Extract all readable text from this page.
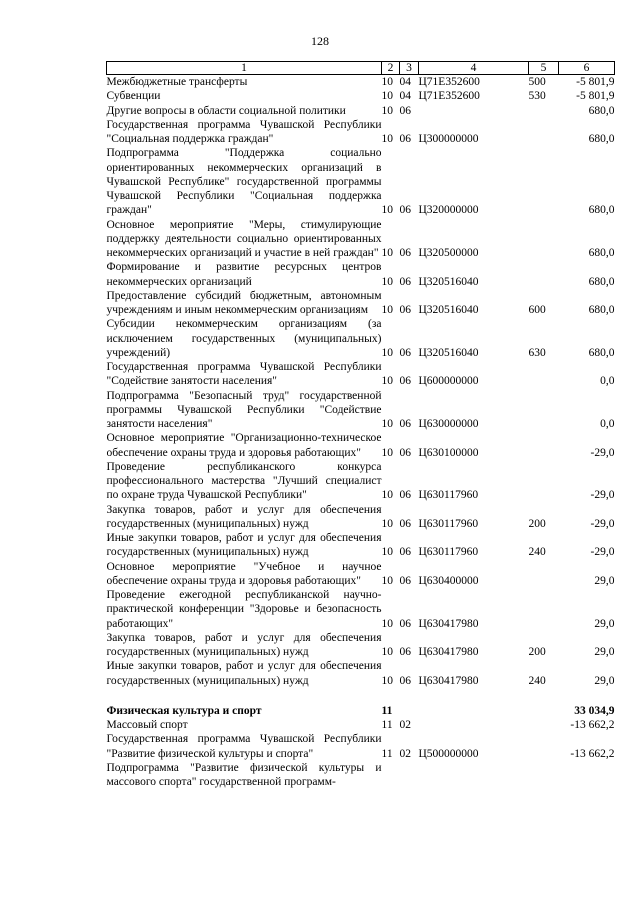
128
1	2	3	4	5	6
Межбюджетные трансферты	10	04	Ц71Е352600	500	-5 801,9
Субвенции	10	04	Ц71Е352600	530	-5 801,9
Другие вопросы в области социальной политики	10	06			680,0
Государственная программа Чувашской Республики "Социальная поддержка граждан"	10	06	Ц300000000		680,0
Подпрограмма "Поддержка социально ориентированных некоммерческих организаций в Чувашской Республике" государственной программы Чувашской Республики "Социальная поддержка граждан"	10	06	Ц320000000		680,0
Основное мероприятие "Меры, стимулирующие поддержку деятельности социально ориентированных некоммерческих организаций и участие в ней граждан"	10	06	Ц320500000		680,0
Формирование и развитие ресурсных центров некоммерческих организаций	10	06	Ц320516040		680,0
Предоставление субсидий бюджетным, автономным учреждениям и иным некоммерческим организациям	10	06	Ц320516040	600	680,0
Субсидии некоммерческим организациям (за исключением государственных (муниципальных) учреждений)	10	06	Ц320516040	630	680,0
Государственная программа Чувашской Республики "Содействие занятости населения"	10	06	Ц600000000		0,0
Подпрограмма "Безопасный труд" государственной программы Чувашской Республики "Содействие занятости населения"	10	06	Ц630000000		0,0
Основное мероприятие "Организационно-техническое обеспечение охраны труда и здоровья работающих"	10	06	Ц630100000		-29,0
Проведение республиканского конкурса профессионального мастерства "Лучший специалист по охране труда Чувашской Республики"	10	06	Ц630117960		-29,0
Закупка товаров, работ и услуг для обеспечения государственных (муниципальных) нужд	10	06	Ц630117960	200	-29,0
Иные закупки товаров, работ и услуг для обеспечения государственных (муниципальных) нужд	10	06	Ц630117960	240	-29,0
Основное мероприятие "Учебное и научное обеспечение охраны труда и здоровья работающих"	10	06	Ц630400000		29,0
Проведение ежегодной республиканской научно-практической конференции "Здоровье и безопасность работающих"	10	06	Ц630417980		29,0
Закупка товаров, работ и услуг для обеспечения государственных (муниципальных) нужд	10	06	Ц630417980	200	29,0
Иные закупки товаров, работ и услуг для обеспечения государственных (муниципальных) нужд	10	06	Ц630417980	240	29,0

Физическая культура и спорт	11				33 034,9
Массовый спорт	11	02			-13 662,2
Государственная программа Чувашской Республики "Развитие физической культуры и спорта"	11	02	Ц500000000		-13 662,2
Подпрограмма "Развитие физической культуры и массового спорта" государственной программ-					
